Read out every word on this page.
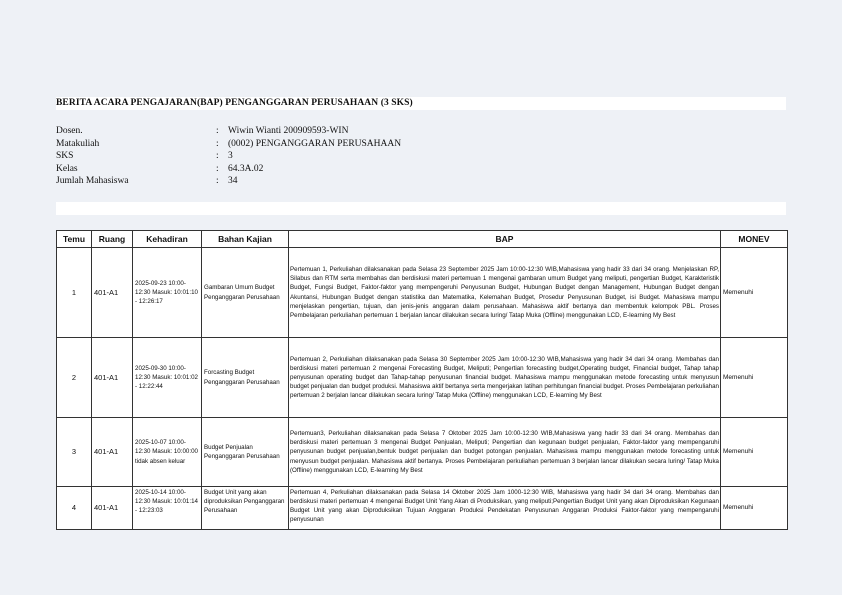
BERITA ACARA PENGAJARAN(BAP) PENGANGGARAN PERUSAHAAN (3 SKS)
Dosen.	: Wiwin Wianti 200909593-WIN
Matakuliah	: (0002) PENGANGGARAN PERUSAHAAN
SKS	: 3
Kelas	: 64.3A.02
Jumlah Mahasiswa	: 34
Temu	Ruang	Kehadiran	Bahan Kajian	BAP	MONEV
1	401-A1	2025-09-23 10:00-12:30 Masuk: 10:01:10 - 12:26:17	Gambaran Umum Budget Penganggaran Perusahaan	Pertemuan 1, Perkuliahan dilaksanakan pada Selasa 23 September 2025 Jam 10:00-12:30 WIB,Mahasiswa yang hadir 33 dari 34 orang. Menjelaskan RP, Silabus dan RTM serta membahas dan berdiskusi materi pertemuan 1 mengenai gambaran umum Budget yang meliputi, pengertian Budget, Karakteristik Budget, Fungsi Budget, Faktor-faktor yang mempengeruhi Penyusunan Budget, Hubungan Budget dengan Management, Hubungan Budget dengan Akuntansi, Hubungan Budget dengan statistika dan Matematika, Kelemahan Budget, Prosedur Penyusunan Budget, isi Budget. Mahasiswa mampu menjelaskan pengertian, tujuan, dan jenis-jenis anggaran dalam perusahaan. Mahasiswa aktif bertanya dan membentuk kelompok PBL. Proses Pembelajaran perkuliahan pertemuan 1 berjalan lancar dilakukan secara luring/ Tatap Muka (Offline) menggunakan LCD, E-learning My Best	Memenuhi
2	401-A1	2025-09-30 10:00-12:30 Masuk: 10:01:02 - 12:22:44	Forcasting Budget Penganggaran Perusahaan	Pertemuan 2, Perkuliahan dilaksanakan pada Selasa 30 September 2025 Jam 10:00-12:30 WIB,Mahasiswa yang hadir 34 dari 34 orang. Membahas dan berdiskusi materi pertemuan 2 mengenai Forecasting Budget, Meliputi; Pengertian forecasting budget,Operating budget, Financial budget, Tahap tahap penyusunan operating budget dan Tahap-tahap penyusunan financial budget. Mahasiswa mampu menggunakan metode forecasting untuk menyusun budget penjualan dan budget produksi. Mahasiswa aktif bertanya serta mengerjakan latihan perhitungan financial budget. Proses Pembelajaran perkuliahan pertemuan 2 berjalan lancar dilakukan secara luring/ Tatap Muka (Offline) menggunakan LCD, E-learning My Best	Memenuhi
3	401-A1	2025-10-07 10:00-12:30 Masuk: 10:00:00 tidak absen keluar	Budget Penjualan Penganggaran Perusahaan	Pertemuan3, Perkuliahan dilaksanakan pada Selasa 7 Oktober 2025 Jam 10:00-12:30 WIB,Mahasiswa yang hadir 33 dari 34 orang. Membahas dan berdiskusi materi pertemuan 3 mengenai Budget Penjualan, Meliputi; Pengertian dan kegunaan budget penjualan, Faktor-faktor yang mempengaruhi penyusunan budget penjualan,bentuk budget penjualan dan budget potongan penjualan. Mahasiswa mampu menggunakan metode forecasting untuk menyusun budget penjualan. Mahasiswa aktif bertanya. Proses Pembelajaran perkuliahan pertemuan 3 berjalan lancar dilakukan secara luring/ Tatap Muka (Offline) menggunakan LCD, E-learning My Best	Memenuhi
4	401-A1	2025-10-14 10:00-12:30 Masuk: 10:01:14 - 12:23:03	Budget Unit yang akan diproduksikan Penganggaran Perusahaan	Pertemuan 4, Perkuliahan dilaksanakan pada Selasa 14 Oktober 2025 Jam 1000-12:30 WIB, Mahasiswa yang hadir 34 dari 34 orang. Membahas dan berdiskusi materi pertemuan 4 mengenai Budget Unit Yang Akan di Produksikan, yang meliputi;Pengertian Budget Unit yang akan Diproduksikan Kegunaan Budget Unit yang akan Diproduksikan Tujuan Anggaran Produksi Pendekatan Penyusunan Anggaran Produksi Faktor-faktor yang mempengaruhi penyusunan	Memenuhi
